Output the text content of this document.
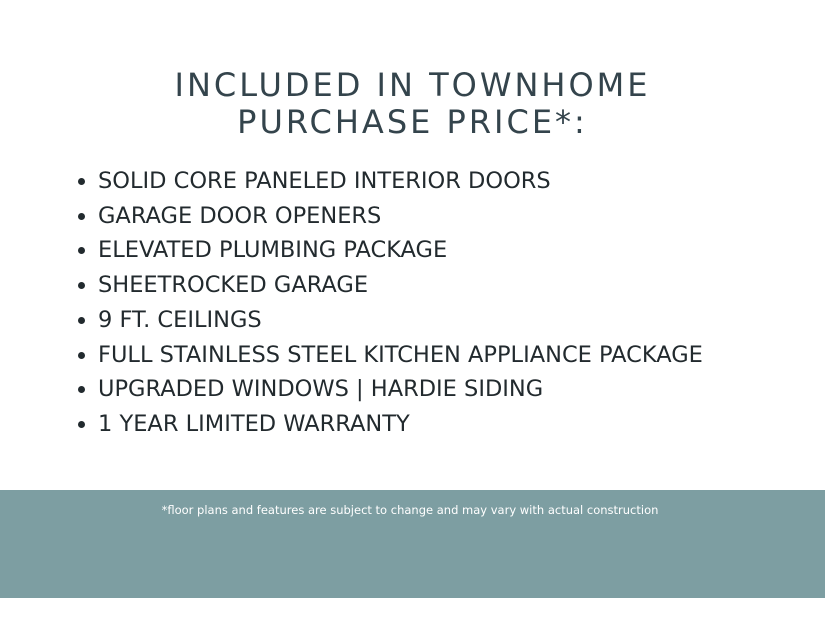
INCLUDED IN TOWNHOME
PURCHASE PRICE*:
SOLID CORE PANELED INTERIOR DOORS
GARAGE DOOR OPENERS
ELEVATED PLUMBING PACKAGE
SHEETROCKED GARAGE
9 FT. CEILINGS
FULL STAINLESS STEEL KITCHEN APPLIANCE PACKAGE
UPGRADED WINDOWS | HARDIE SIDING
1 YEAR LIMITED WARRANTY
*floor plans and features are subject to change and may vary with actual construction
